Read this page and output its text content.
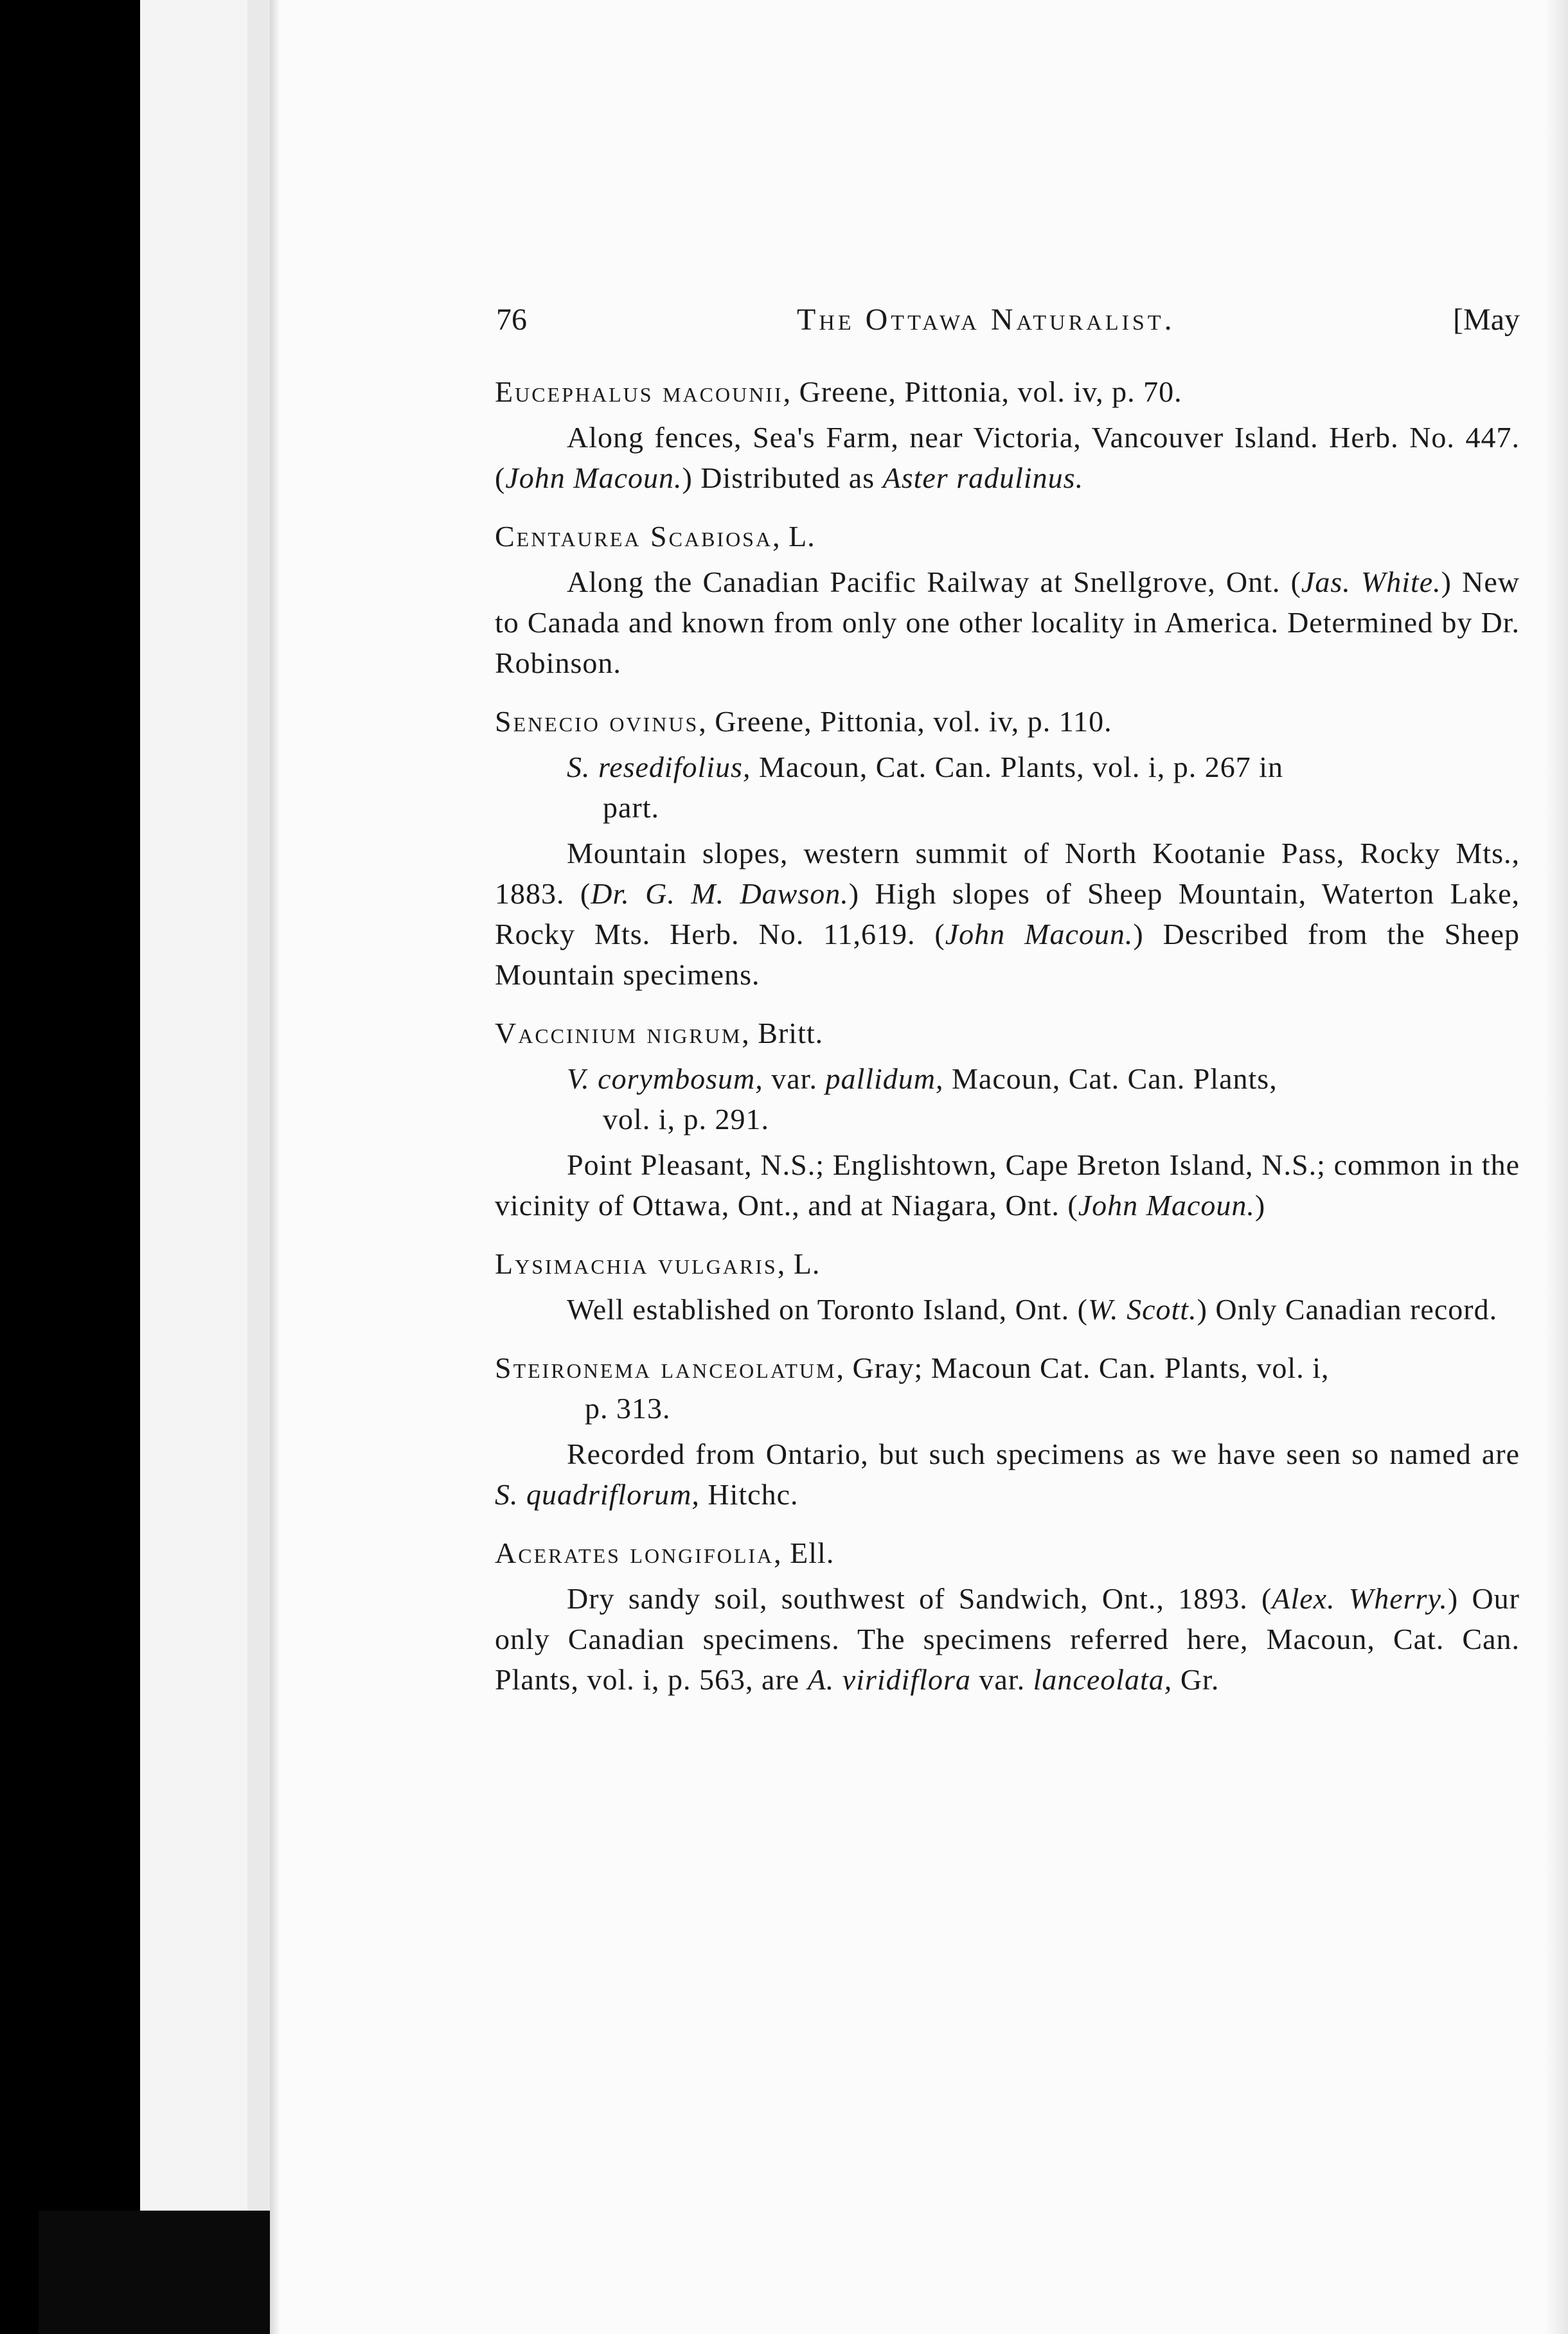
76	The Ottawa Naturalist.	[May

Eucephalus macounii, Greene, Pittonia, vol. iv, p. 70.

Along fences, Sea's Farm, near Victoria, Vancouver Island. Herb. No. 447. (John Macoun.) Distributed as Aster radulinus.

Centaurea Scabiosa, L.

Along the Canadian Pacific Railway at Snellgrove, Ont. (Jas. White.) New to Canada and known from only one other locality in America. Determined by Dr. Robinson.

Senecio ovinus, Greene, Pittonia, vol. iv, p. 110.

S. resedifolius, Macoun, Cat. Can. Plants, vol. i, p. 267 in
part.

Mountain slopes, western summit of North Kootanie Pass, Rocky Mts., 1883. (Dr. G. M. Dawson.) High slopes of Sheep Mountain, Waterton Lake, Rocky Mts. Herb. No. 11,619. (John Macoun.) Described from the Sheep Mountain specimens.

Vaccinium nigrum, Britt.

V. corymbosum, var. pallidum, Macoun, Cat. Can. Plants,
vol. i, p. 291.

Point Pleasant, N.S.; Englishtown, Cape Breton Island, N.S.; common in the vicinity of Ottawa, Ont., and at Niagara, Ont. (John Macoun.)

Lysimachia vulgaris, L.

Well established on Toronto Island, Ont. (W. Scott.) Only Canadian record.

Steironema lanceolatum, Gray; Macoun Cat. Can. Plants, vol. i,
p. 313.

Recorded from Ontario, but such specimens as we have seen so named are S. quadriflorum, Hitchc.

Acerates longifolia, Ell.

Dry sandy soil, southwest of Sandwich, Ont., 1893. (Alex. Wherry.) Our only Canadian specimens. The specimens referred here, Macoun, Cat. Can. Plants, vol. i, p. 563, are A. viridiflora var. lanceolata, Gr.
